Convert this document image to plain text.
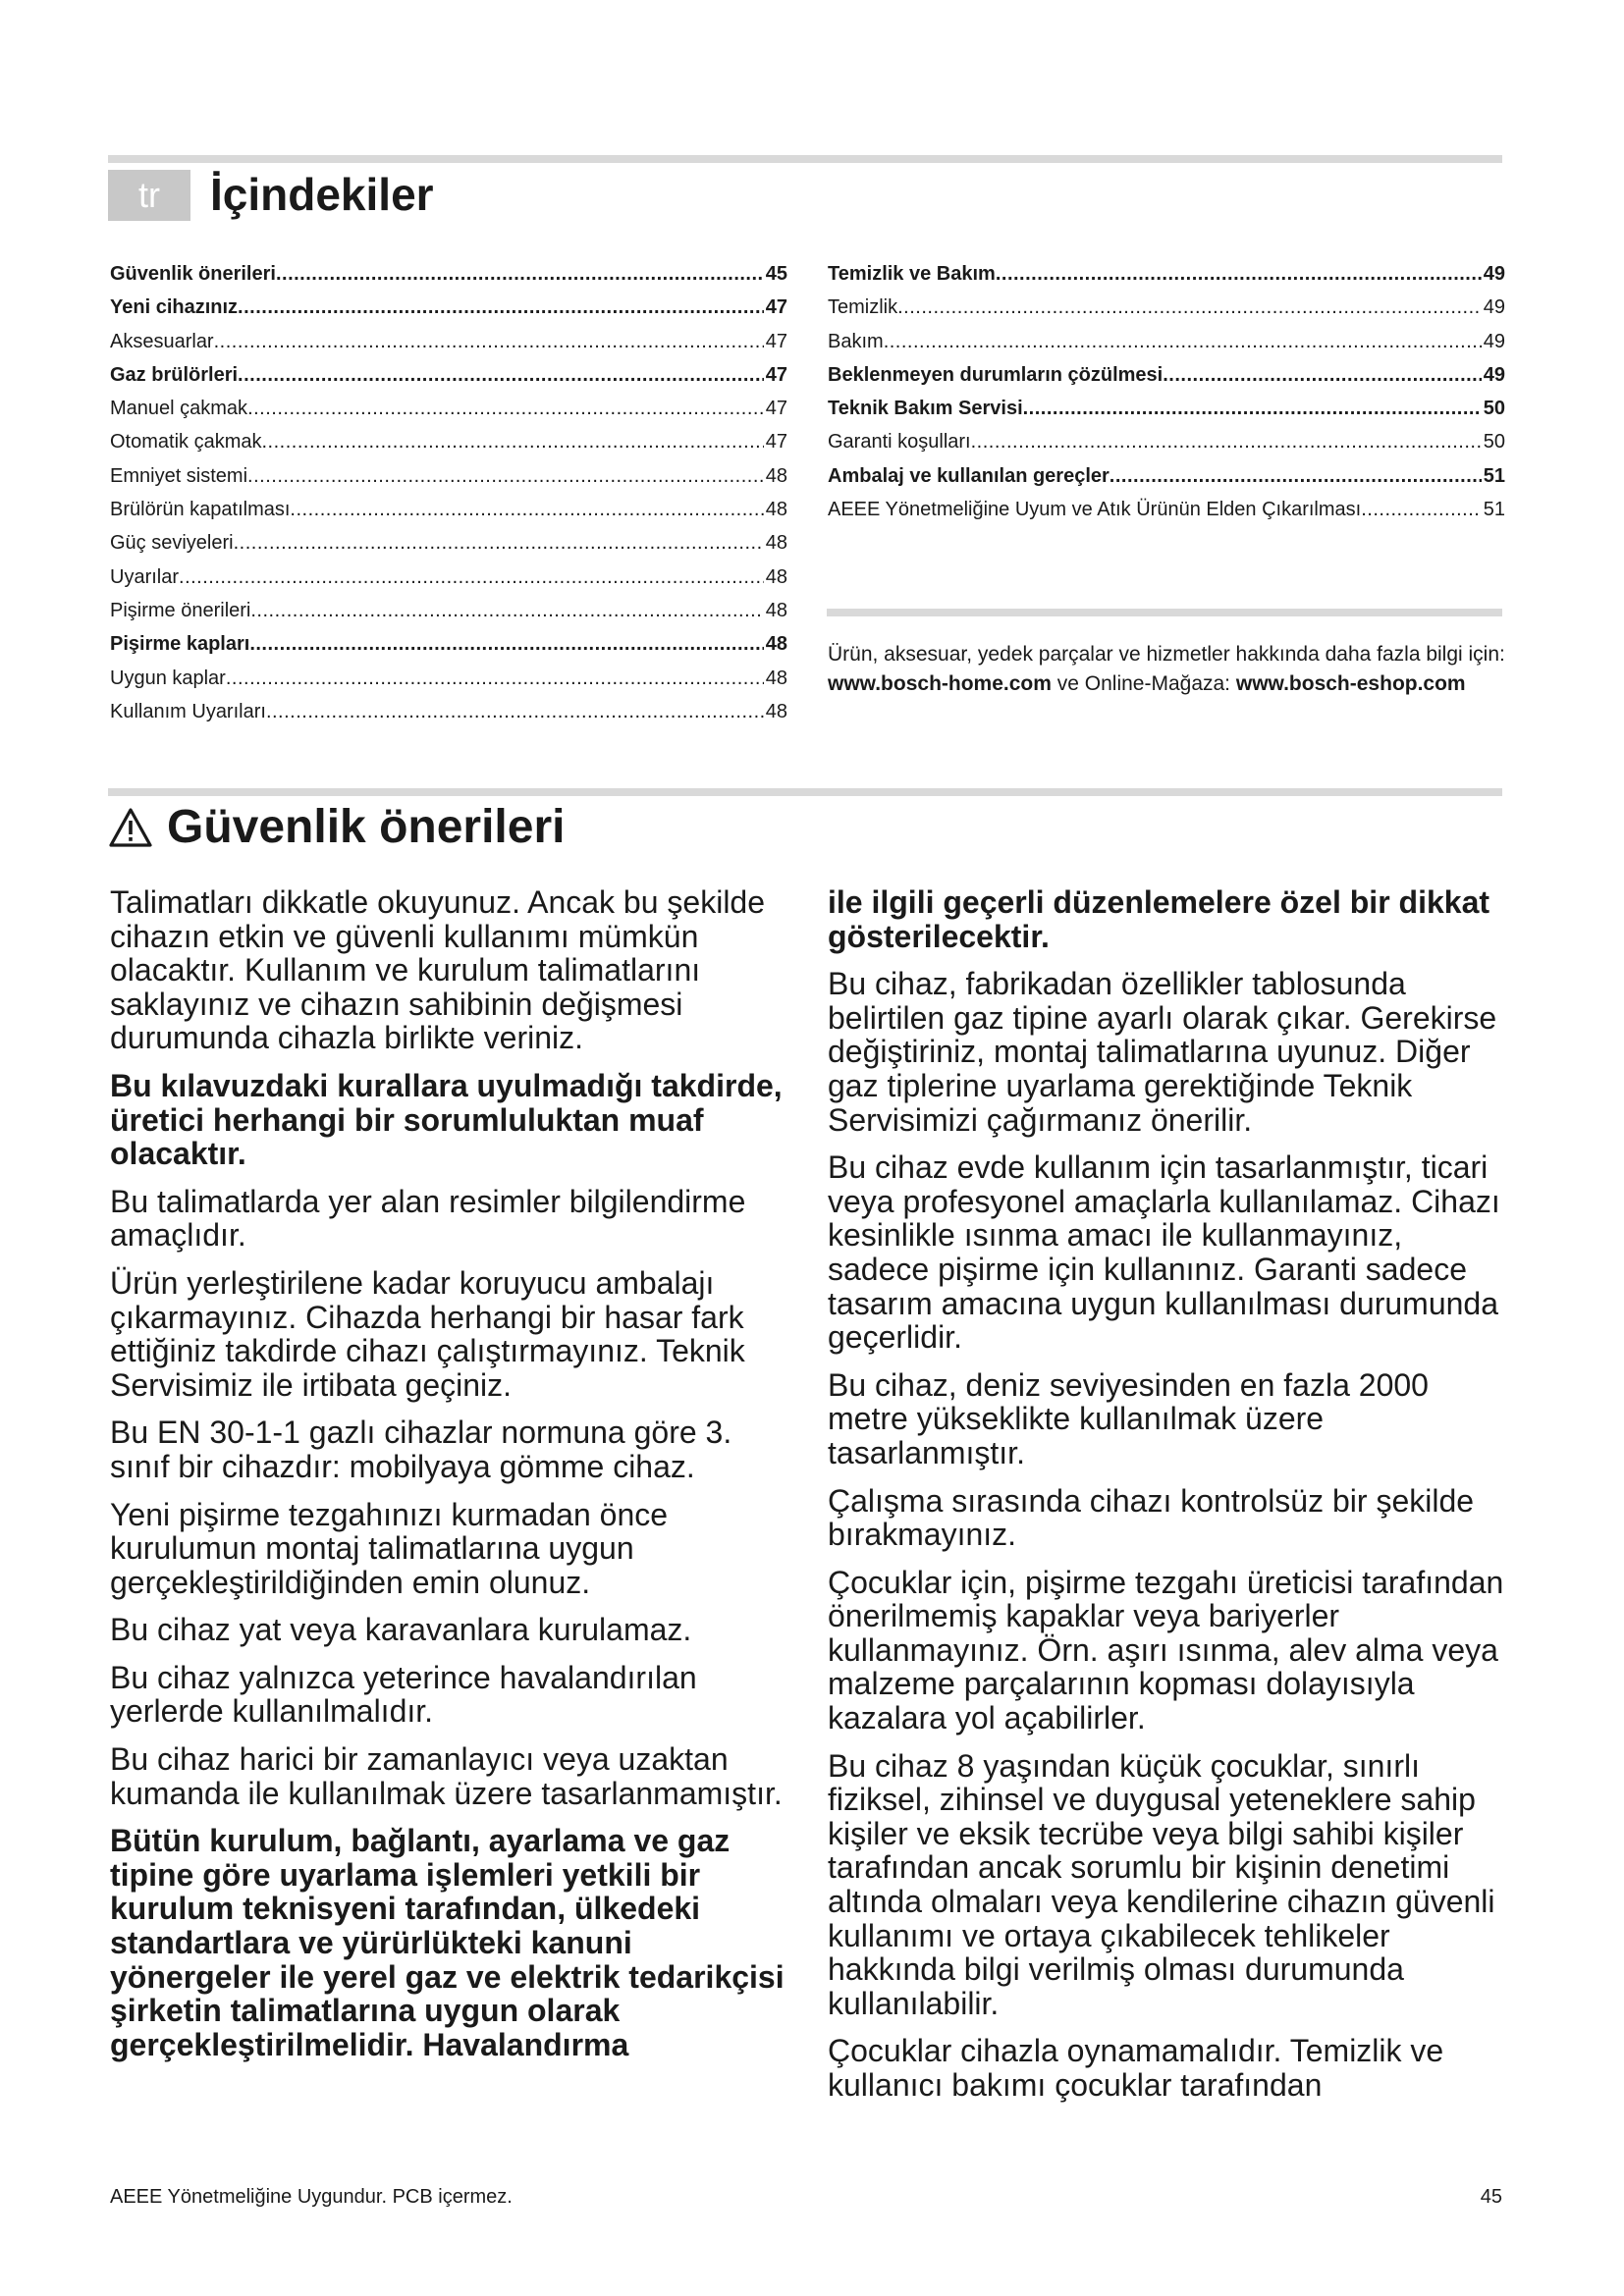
tr	İçindekiler
Güvenlik önerileri .....	45
Yeni cihazınız .....	47
Aksesuarlar .....	47
Gaz brülörleri .....	47
Manuel çakmak .....	47
Otomatik çakmak .....	47
Emniyet sistemi .....	48
Brülörün kapatılması .....	48
Güç seviyeleri .....	48
Uyarılar .....	48
Pişirme önerileri .....	48
Pişirme kapları .....	48
Uygun kaplar .....	48
Kullanım Uyarıları .....	48
Temizlik ve Bakım .....	49
Temizlik .....	49
Bakım .....	49
Beklenmeyen durumların çözülmesi .....	49
Teknik Bakım Servisi .....	50
Garanti koşulları .....	50
Ambalaj ve kullanılan gereçler .....	51
AEEE Yönetmeliğine Uyum ve Atık Ürünün Elden Çıkarılması .....	51

Ürün, aksesuar, yedek parçalar ve hizmetler hakkında daha fazla bilgi için: www.bosch-home.com ve Online-Mağaza: www.bosch-eshop.com

Güvenlik önerileri

Talimatları dikkatle okuyunuz. Ancak bu şekilde cihazın etkin ve güvenli kullanımı mümkün olacaktır. Kullanım ve kurulum talimatlarını saklayınız ve cihazın sahibinin değişmesi durumunda cihazla birlikte veriniz.

Bu kılavuzdaki kurallara uyulmadığı takdirde, üretici herhangi bir sorumluluktan muaf olacaktır.

Bu talimatlarda yer alan resimler bilgilendirme amaçlıdır.

Ürün yerleştirilene kadar koruyucu ambalajı çıkarmayınız. Cihazda herhangi bir hasar fark ettiğiniz takdirde cihazı çalıştırmayınız. Teknik Servisimiz ile irtibata geçiniz.

Bu EN 30-1-1 gazlı cihazlar normuna göre 3. sınıf bir cihazdır: mobilyaya gömme cihaz.

Yeni pişirme tezgahınızı kurmadan önce kurulumun montaj talimatlarına uygun gerçekleştirildiğinden emin olunuz.

Bu cihaz yat veya karavanlara kurulamaz.

Bu cihaz yalnızca yeterince havalandırılan yerlerde kullanılmalıdır.

Bu cihaz harici bir zamanlayıcı veya uzaktan kumanda ile kullanılmak üzere tasarlanmamıştır.

Bütün kurulum, bağlantı, ayarlama ve gaz tipine göre uyarlama işlemleri yetkili bir kurulum teknisyeni tarafından, ülkedeki standartlara ve yürürlükteki kanuni yönergeler ile yerel gaz ve elektrik tedarikçisi şirketin talimatlarına uygun olarak gerçekleştirilmelidir. Havalandırma

ile ilgili geçerli düzenlemelere özel bir dikkat gösterilecektir.

Bu cihaz, fabrikadan özellikler tablosunda belirtilen gaz tipine ayarlı olarak çıkar. Gerekirse değiştiriniz, montaj talimatlarına uyunuz. Diğer gaz tiplerine uyarlama gerektiğinde Teknik Servisimizi çağırmanız önerilir.

Bu cihaz evde kullanım için tasarlanmıştır, ticari veya profesyonel amaçlarla kullanılamaz. Cihazı kesinlikle ısınma amacı ile kullanmayınız, sadece pişirme için kullanınız. Garanti sadece tasarım amacına uygun kullanılması durumunda geçerlidir.

Bu cihaz, deniz seviyesinden en fazla 2000 metre yükseklikte kullanılmak üzere tasarlanmıştır.

Çalışma sırasında cihazı kontrolsüz bir şekilde bırakmayınız.

Çocuklar için, pişirme tezgahı üreticisi tarafından önerilmemiş kapaklar veya bariyerler kullanmayınız. Örn. aşırı ısınma, alev alma veya malzeme parçalarının kopması dolayısıyla kazalara yol açabilirler.

Bu cihaz 8 yaşından küçük çocuklar, sınırlı fiziksel, zihinsel ve duygusal yeteneklere sahip kişiler ve eksik tecrübe veya bilgi sahibi kişiler tarafından ancak sorumlu bir kişinin denetimi altında olmaları veya kendilerine cihazın güvenli kullanımı ve ortaya çıkabilecek tehlikeler hakkında bilgi verilmiş olması durumunda kullanılabilir.

Çocuklar cihazla oynamamalıdır. Temizlik ve kullanıcı bakımı çocuklar tarafından

AEEE Yönetmeliğine Uygundur. PCB içermez.	45
